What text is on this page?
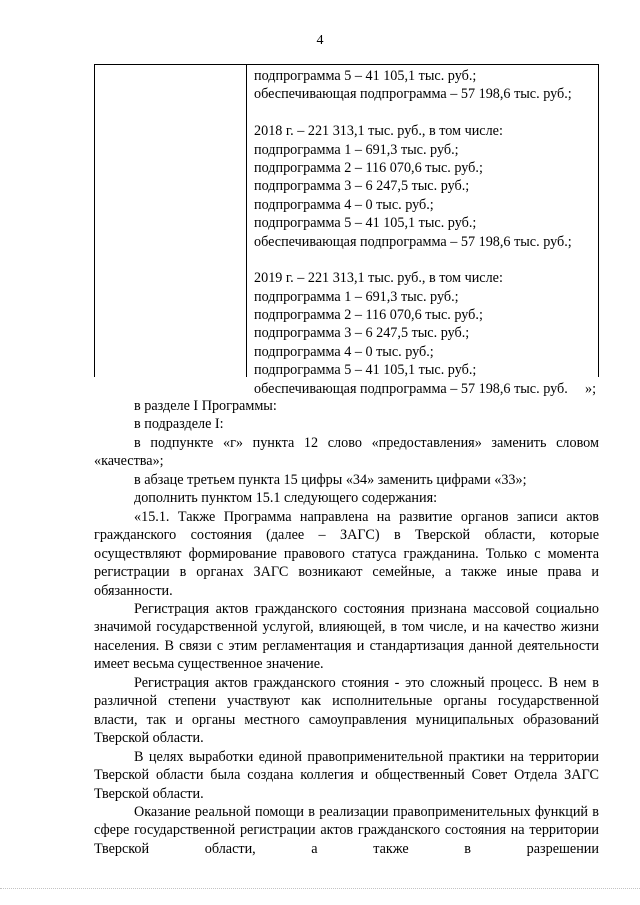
4
подпрограмма 5 – 41 105,1 тыс. руб.;
обеспечивающая подпрограмма – 57 198,6 тыс. руб.;
2018 г. – 221 313,1 тыс. руб., в том числе:
подпрограмма 1 – 691,3 тыс. руб.;
подпрограмма 2 – 116 070,6 тыс. руб.;
подпрограмма 3 – 6 247,5 тыс. руб.;
подпрограмма 4 – 0 тыс. руб.;
подпрограмма 5 – 41 105,1 тыс. руб.;
обеспечивающая подпрограмма – 57 198,6 тыс. руб.;
2019 г. – 221 313,1 тыс. руб., в том числе:
подпрограмма 1 – 691,3 тыс. руб.;
подпрограмма 2 – 116 070,6 тыс. руб.;
подпрограмма 3 – 6 247,5 тыс. руб.;
подпрограмма 4 – 0 тыс. руб.;
подпрограмма 5 – 41 105,1 тыс. руб.;
обеспечивающая подпрограмма – 57 198,6 тыс. руб.	»;

в разделе I Программы:

в подразделе I:

в подпункте «г» пункта 12 слово «предоставления» заменить словом «качества»;

в абзаце третьем пункта 15 цифры «34» заменить цифрами «33»;

дополнить пунктом 15.1 следующего содержания:

«15.1. Также Программа направлена на развитие органов записи актов гражданского состояния (далее – ЗАГС) в Тверской области, которые осуществляют формирование правового статуса гражданина. Только с момента регистрации в органах ЗАГС возникают семейные, а также иные права и обязанности.

Регистрация актов гражданского состояния признана массовой социально значимой государственной услугой, влияющей, в том числе, и на качество жизни населения. В связи с этим регламентация и стандартизация данной деятельности имеет весьма существенное значение.

Регистрация актов гражданского стояния - это сложный процесс. В нем в различной степени участвуют как исполнительные органы государственной власти, так и органы местного самоуправления муниципальных образований Тверской области.

В целях выработки единой правоприменительной практики на территории Тверской области была создана коллегия и общественный Совет Отдела ЗАГС Тверской области.

Оказание реальной помощи в реализации правоприменительных функций в сфере государственной регистрации актов гражданского состояния на территории Тверской области, а также в разрешении
